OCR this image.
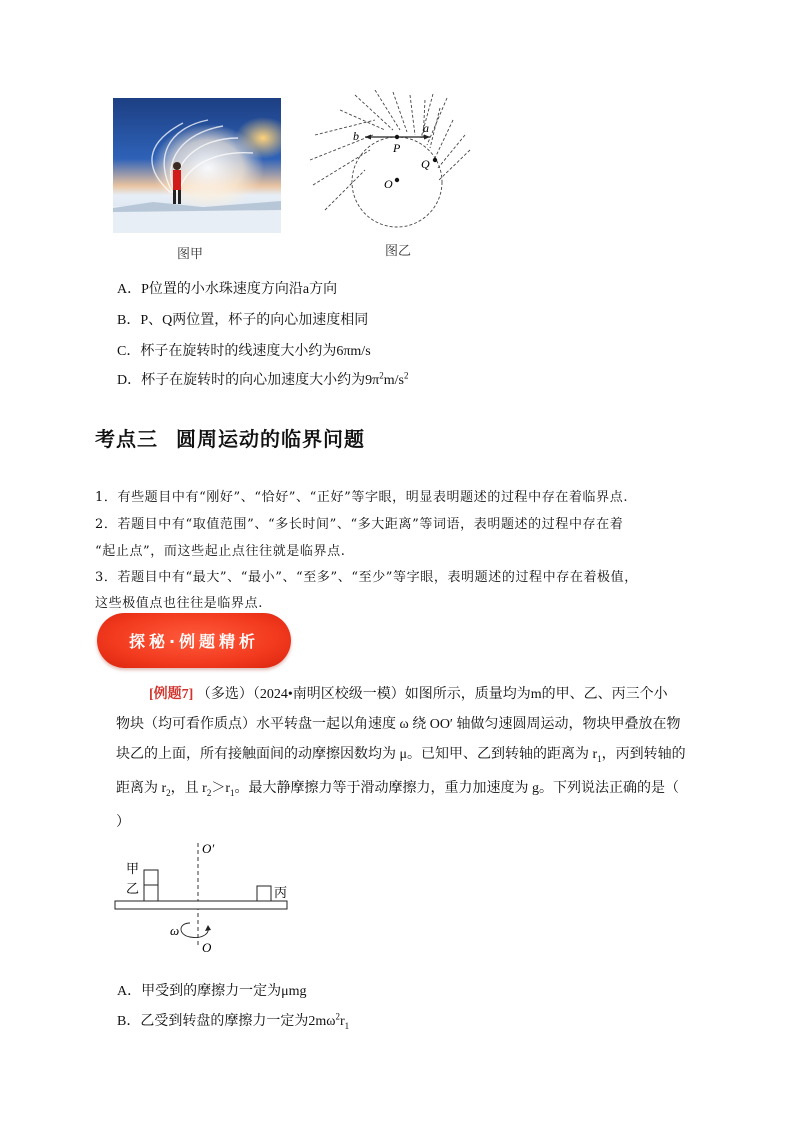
图甲
b
a
P
Q
O
图乙
A．P位置的小水珠速度方向沿a方向
B．P、Q两位置，杯子的向心加速度相同
C．杯子在旋转时的线速度大小约为6πm/s
D．杯子在旋转时的向心加速度大小约为$9\pi^2m/s^2$
考点三 圆周运动的临界问题
1．有些题目中有“刚好”、“恰好”、“正好”等字眼，明显表明题述的过程中存在着临界点.
2．若题目中有“取值范围”、“多长时间”、“多大距离”等词语，表明题述的过程中存在着
“起止点”，而这些起止点往往就是临界点.
3．若题目中有“最大”、“最小”、“至多”、“至少”等字眼，表明题述的过程中存在着极值，
这些极值点也往往是临界点.
探秘·例题精析
[例题7] （多选）（2024•南明区校级一模）如图所示，质量均为m的甲、乙、丙三个小
物块（均可看作质点）水平转盘一起以角速度 ω 绕 OO′ 轴做匀速圆周运动，物块甲叠放在物
块乙的上面，所有接触面间的动摩擦因数均为 μ。已知甲、乙到转轴的距离为 $r_1$，丙到转轴的
距离为 $r_2$，且 $r_2>r_1$。最大静摩擦力等于滑动摩擦力，重力加速度为 g。下列说法正确的是（
）
O′
甲
乙	丙
ω
O
A．甲受到的摩擦力一定为μmg
B．乙受到转盘的摩擦力一定为$2m\omega^2r_1$
